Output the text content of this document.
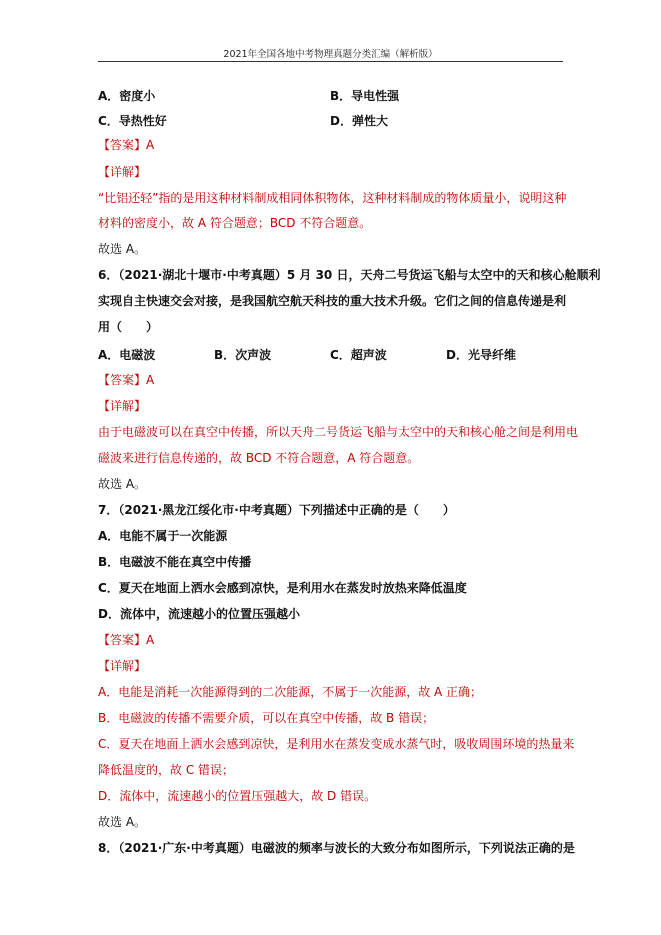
2021年全国各地中考物理真题分类汇编（解析版）
A．密度小	B．导电性强
C．导热性好	D．弹性大
【答案】A
【详解】
“比铝还轻”指的是用这种材料制成相同体积物体，这种材料制成的物体质量小，说明这种
材料的密度小，故 A 符合题意；BCD 不符合题意。
故选 A。
6．（2021·湖北十堰市·中考真题）5 月 30 日，天舟二号货运飞船与太空中的天和核心舱顺利
实现自主快速交会对接，是我国航空航天科技的重大技术升级。它们之间的信息传递是利
用（　　）
A．电磁波	B．次声波	C．超声波	D．光导纤维
【答案】A
【详解】
由于电磁波可以在真空中传播，所以天舟二号货运飞船与太空中的天和核心舱之间是利用电
磁波来进行信息传递的，故 BCD 不符合题意，A 符合题意。
故选 A。
7．（2021·黑龙江绥化市·中考真题）下列描述中正确的是（　　）
A．电能不属于一次能源
B．电磁波不能在真空中传播
C．夏天在地面上洒水会感到凉快，是利用水在蒸发时放热来降低温度
D．流体中，流速越小的位置压强越小
【答案】A
【详解】
A．电能是消耗一次能源得到的二次能源，不属于一次能源，故 A 正确；
B．电磁波的传播不需要介质，可以在真空中传播，故 B 错误；
C．夏天在地面上洒水会感到凉快，是利用水在蒸发变成水蒸气时，吸收周围环境的热量来
降低温度的，故 C 错误；
D．流体中，流速越小的位置压强越大，故 D 错误。
故选 A。
8．（2021·广东·中考真题）电磁波的频率与波长的大致分布如图所示，下列说法正确的是
